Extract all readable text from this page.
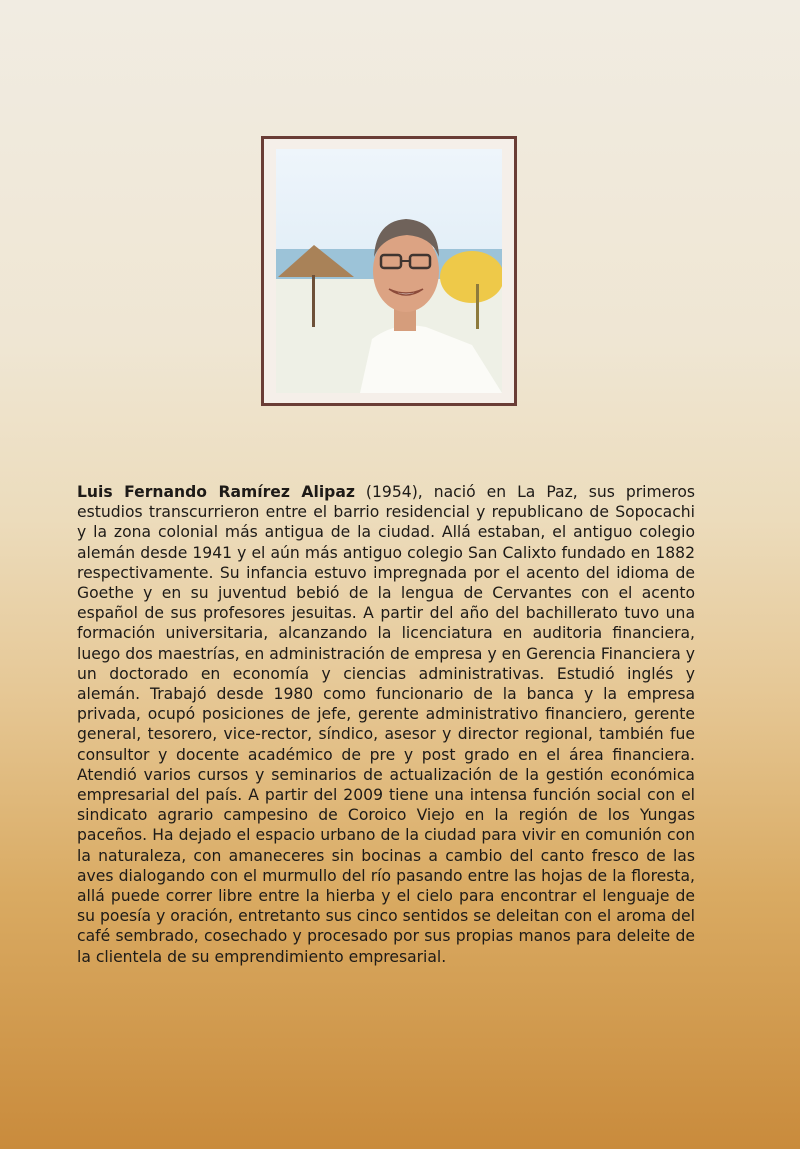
Luis Fernando Ramírez Alipaz (1954), nació en La Paz, sus primeros estudios transcurrieron entre el barrio residencial y republicano de Sopocachi y la zona colonial más antigua de la ciudad. Allá estaban, el antiguo colegio alemán desde 1941 y el aún más antiguo colegio San Calixto fundado en 1882 respectivamente. Su infancia estuvo impregnada por el acento del idioma de Goethe y en su juventud bebió de la lengua de Cervantes con el acento español de sus profesores jesuitas. A partir del año del bachillerato tuvo una formación universitaria, alcanzando la licenciatura en auditoria financiera, luego dos maestrías, en administración de empresa y en Gerencia Financiera y un doctorado en economía y ciencias administrativas. Estudió inglés y alemán. Trabajó desde 1980 como funcionario de la banca y la empresa privada, ocupó posiciones de jefe, gerente administrativo financiero, gerente general, tesorero, vice-rector, síndico, asesor y director regional, también fue consultor y docente académico de pre y post grado en el área financiera. Atendió varios cursos y seminarios de actualización de la gestión económica empresarial del país. A partir del 2009 tiene una intensa función social con el sindicato agrario campesino de Coroico Viejo en la región de los Yungas paceños. Ha dejado el espacio urbano de la ciudad para vivir en comunión con la naturaleza, con amaneceres sin bocinas a cambio del canto fresco de las aves dialogando con el murmullo del río pasando entre las hojas de la floresta, allá puede correr libre entre la hierba y el cielo para encontrar el lenguaje de su poesía y oración, entretanto sus cinco sentidos se deleitan con el aroma del café sembrado, cosechado y procesado por sus propias manos para deleite de la clientela de su emprendimiento empresarial.
